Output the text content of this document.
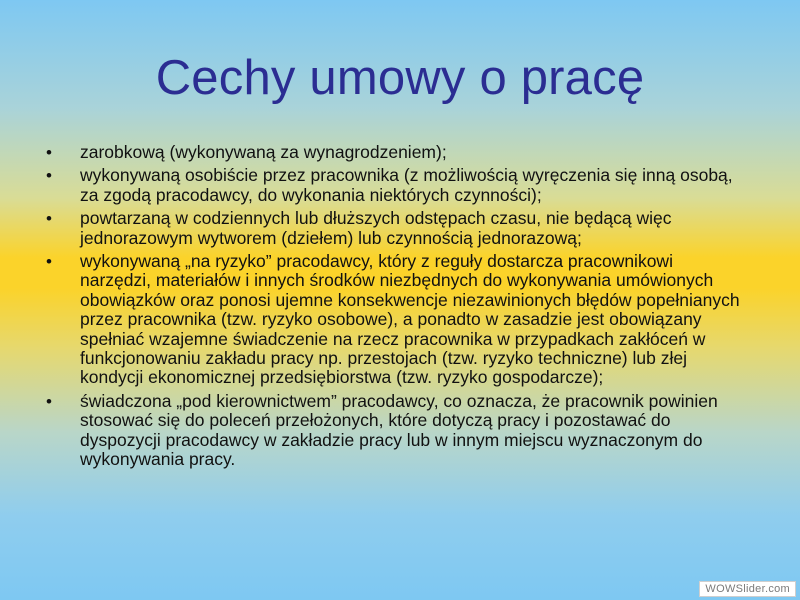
Cechy umowy o pracę
•	zarobkową (wykonywaną za wynagrodzeniem);
•	wykonywaną osobiście przez pracownika (z możliwością wyręczenia się inną osobą, za zgodą pracodawcy, do wykonania niektórych czynności);
•	powtarzaną w codziennych lub dłuższych odstępach czasu, nie będącą więc jednorazowym wytworem (dziełem) lub czynnością jednorazową;
•	wykonywaną „na ryzyko” pracodawcy, który z reguły dostarcza pracownikowi narzędzi, materiałów i innych środków niezbędnych do wykonywania umówionych obowiązków oraz ponosi ujemne konsekwencje niezawinionych błędów popełnianych przez pracownika (tzw. ryzyko osobowe), a ponadto w zasadzie jest obowiązany spełniać wzajemne świadczenie na rzecz pracownika w przypadkach zakłóceń w funkcjonowaniu zakładu pracy np. przestojach (tzw. ryzyko techniczne) lub złej kondycji ekonomicznej przedsiębiorstwa (tzw. ryzyko gospodarcze);
•	świadczona „pod kierownictwem” pracodawcy, co oznacza, że pracownik powinien stosować się do poleceń przełożonych, które dotyczą pracy i pozostawać do dyspozycji pracodawcy w zakładzie pracy lub w innym miejscu wyznaczonym do wykonywania pracy.
WOWSlider.com
